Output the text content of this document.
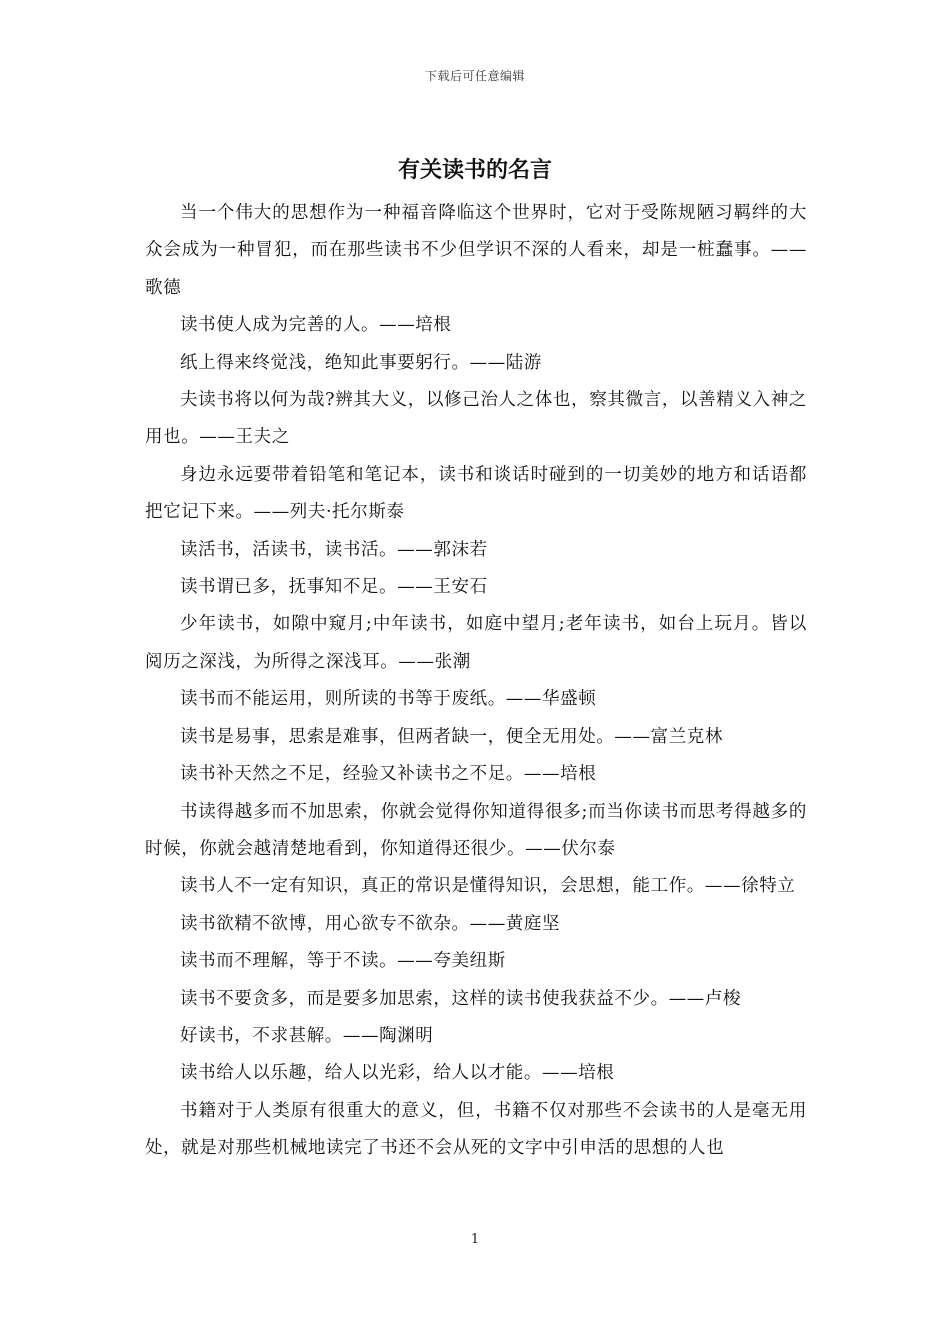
下载后可任意编辑
有关读书的名言

当一个伟大的思想作为一种福音降临这个世界时，它对于受陈规陋习羁绊的大众会成为一种冒犯，而在那些读书不少但学识不深的人看来，却是一桩蠢事。——歌德

读书使人成为完善的人。——培根

纸上得来终觉浅，绝知此事要躬行。——陆游

夫读书将以何为哉?辨其大义，以修己治人之体也，察其微言，以善精义入神之用也。——王夫之

身边永远要带着铅笔和笔记本，读书和谈话时碰到的一切美妙的地方和话语都把它记下来。——列夫·托尔斯泰

读活书，活读书，读书活。——郭沫若

读书谓已多，抚事知不足。——王安石

少年读书，如隙中窥月;中年读书，如庭中望月;老年读书，如台上玩月。皆以阅历之深浅，为所得之深浅耳。——张潮

读书而不能运用，则所读的书等于废纸。——华盛顿

读书是易事，思索是难事，但两者缺一，便全无用处。——富兰克林

读书补天然之不足，经验又补读书之不足。——培根

书读得越多而不加思索，你就会觉得你知道得很多;而当你读书而思考得越多的时候，你就会越清楚地看到，你知道得还很少。——伏尔泰

读书人不一定有知识，真正的常识是懂得知识，会思想，能工作。——徐特立

读书欲精不欲博，用心欲专不欲杂。——黄庭坚

读书而不理解，等于不读。——夸美纽斯

读书不要贪多，而是要多加思索，这样的读书使我获益不少。——卢梭

好读书，不求甚解。——陶渊明

读书给人以乐趣，给人以光彩，给人以才能。——培根

书籍对于人类原有很重大的意义，但，书籍不仅对那些不会读书的人是毫无用处，就是对那些机械地读完了书还不会从死的文字中引申活的思想的人也

1
